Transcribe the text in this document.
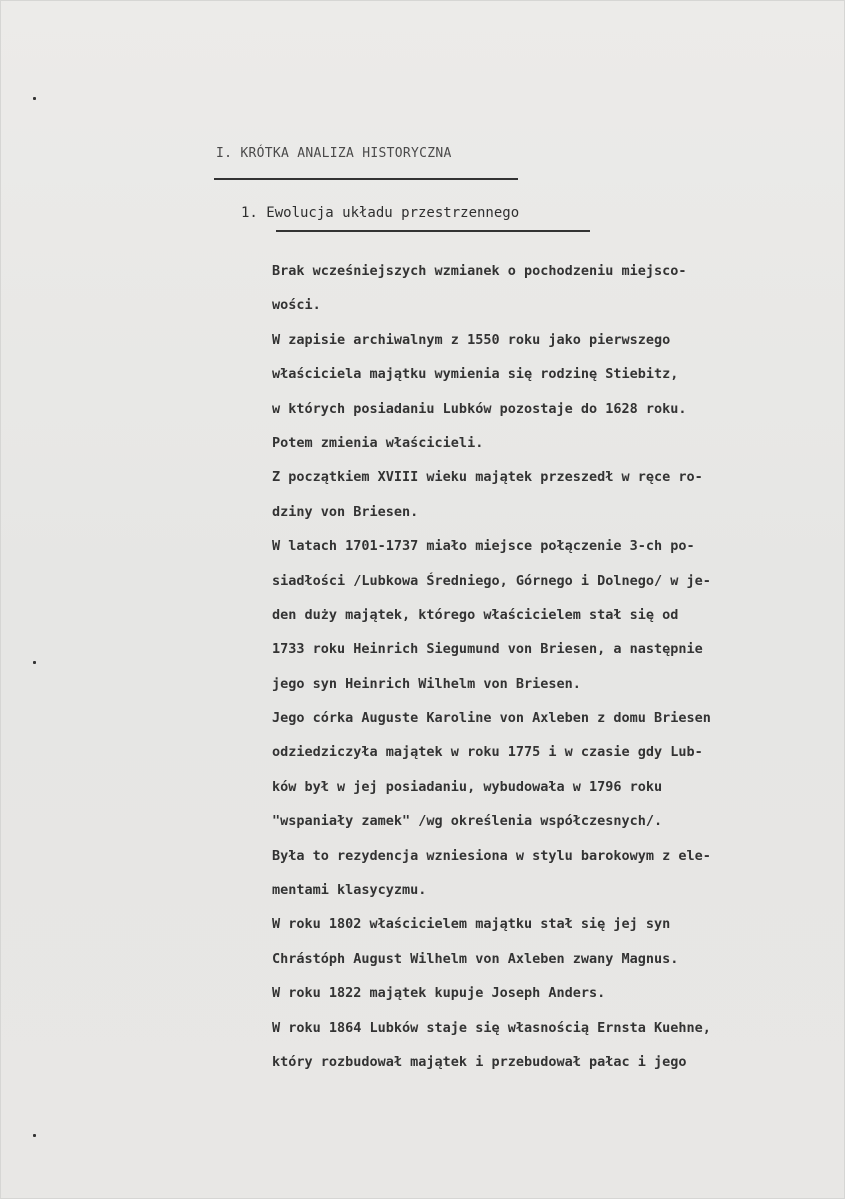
I. KRÓTKA ANALIZA HISTORYCZNA
1. Ewolucja układu przestrzennego
Brak wcześniejszych wzmianek o pochodzeniu miejsco-
wości.
W zapisie archiwalnym z 1550 roku jako pierwszego
właściciela majątku wymienia się rodzinę Stiebitz,
w których posiadaniu Lubków pozostaje do 1628 roku.
Potem zmienia właścicieli.
Z początkiem XVIII wieku majątek przeszedł w ręce ro-
dziny von Briesen.
W latach 1701-1737 miało miejsce połączenie 3-ch po-
siadłości /Lubkowa Średniego, Górnego i Dolnego/ w je-
den duży majątek, którego właścicielem stał się od
1733 roku Heinrich Siegumund von Briesen, a następnie
jego syn Heinrich Wilhelm von Briesen.
Jego córka Auguste Karoline von Axleben z domu Briesen
odziedziczyła majątek w roku 1775 i w czasie gdy Lub-
ków był w jej posiadaniu, wybudowała w 1796 roku
"wspaniały zamek" /wg określenia współczesnych/.
Była to rezydencja wzniesiona w stylu barokowym z ele-
mentami klasycyzmu.
W roku 1802 właścicielem majątku stał się jej syn
Chrástóph August Wilhelm von Axleben zwany Magnus.
W roku 1822 majątek kupuje Joseph Anders.
W roku 1864 Lubków staje się własnością Ernsta Kuehne,
który rozbudował majątek i przebudował pałac i jego
